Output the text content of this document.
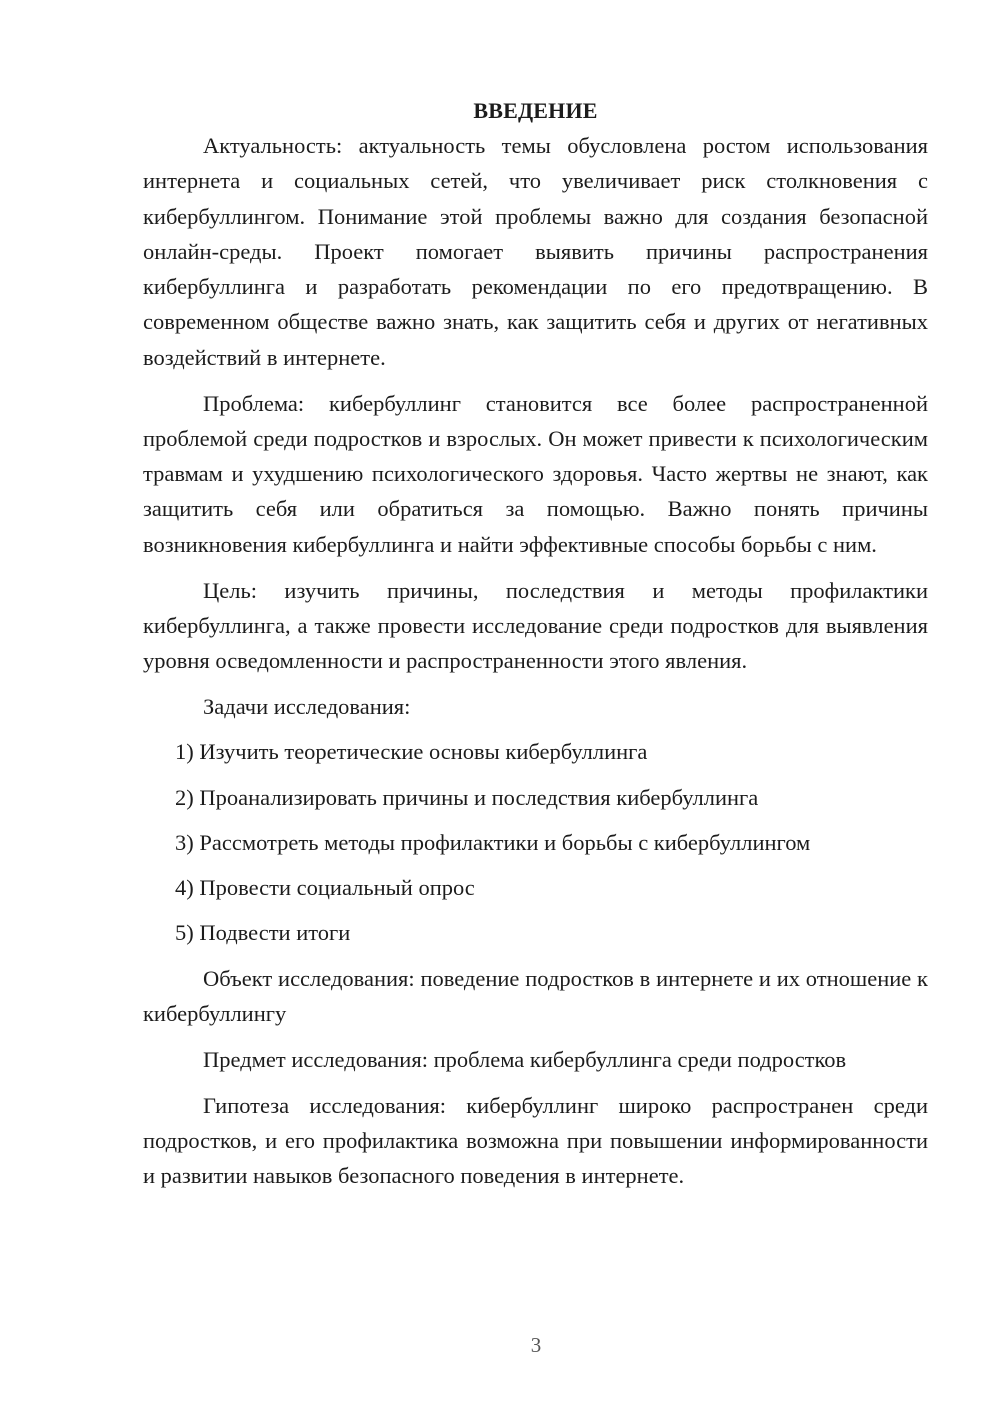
ВВЕДЕНИЕ

Актуальность: актуальность темы обусловлена ростом использования интернета и социальных сетей, что увеличивает риск столкновения с кибербуллингом. Понимание этой проблемы важно для создания безопасной онлайн-среды. Проект помогает выявить причины распространения кибербуллинга и разработать рекомендации по его предотвращению. В современном обществе важно знать, как защитить себя и других от негативных воздействий в интернете.

Проблема: кибербуллинг становится все более распространенной проблемой среди подростков и взрослых. Он может привести к психологическим травмам и ухудшению психологического здоровья. Часто жертвы не знают, как защитить себя или обратиться за помощью. Важно понять причины возникновения кибербуллинга и найти эффективные способы борьбы с ним.

Цель: изучить причины, последствия и методы профилактики кибербуллинга, а также провести исследование среди подростков для выявления уровня осведомленности и распространенности этого явления.

Задачи исследования:

1) Изучить теоретические основы кибербуллинга
2) Проанализировать причины и последствия кибербуллинга
3) Рассмотреть методы профилактики и борьбы с кибербуллингом
4) Провести социальный опрос
5) Подвести итоги

Объект исследования: поведение подростков в интернете и их отношение к кибербуллингу

Предмет исследования: проблема кибербуллинга среди подростков

Гипотеза исследования: кибербуллинг широко распространен среди подростков, и его профилактика возможна при повышении информированности и развитии навыков безопасного поведения в интернете.

3
